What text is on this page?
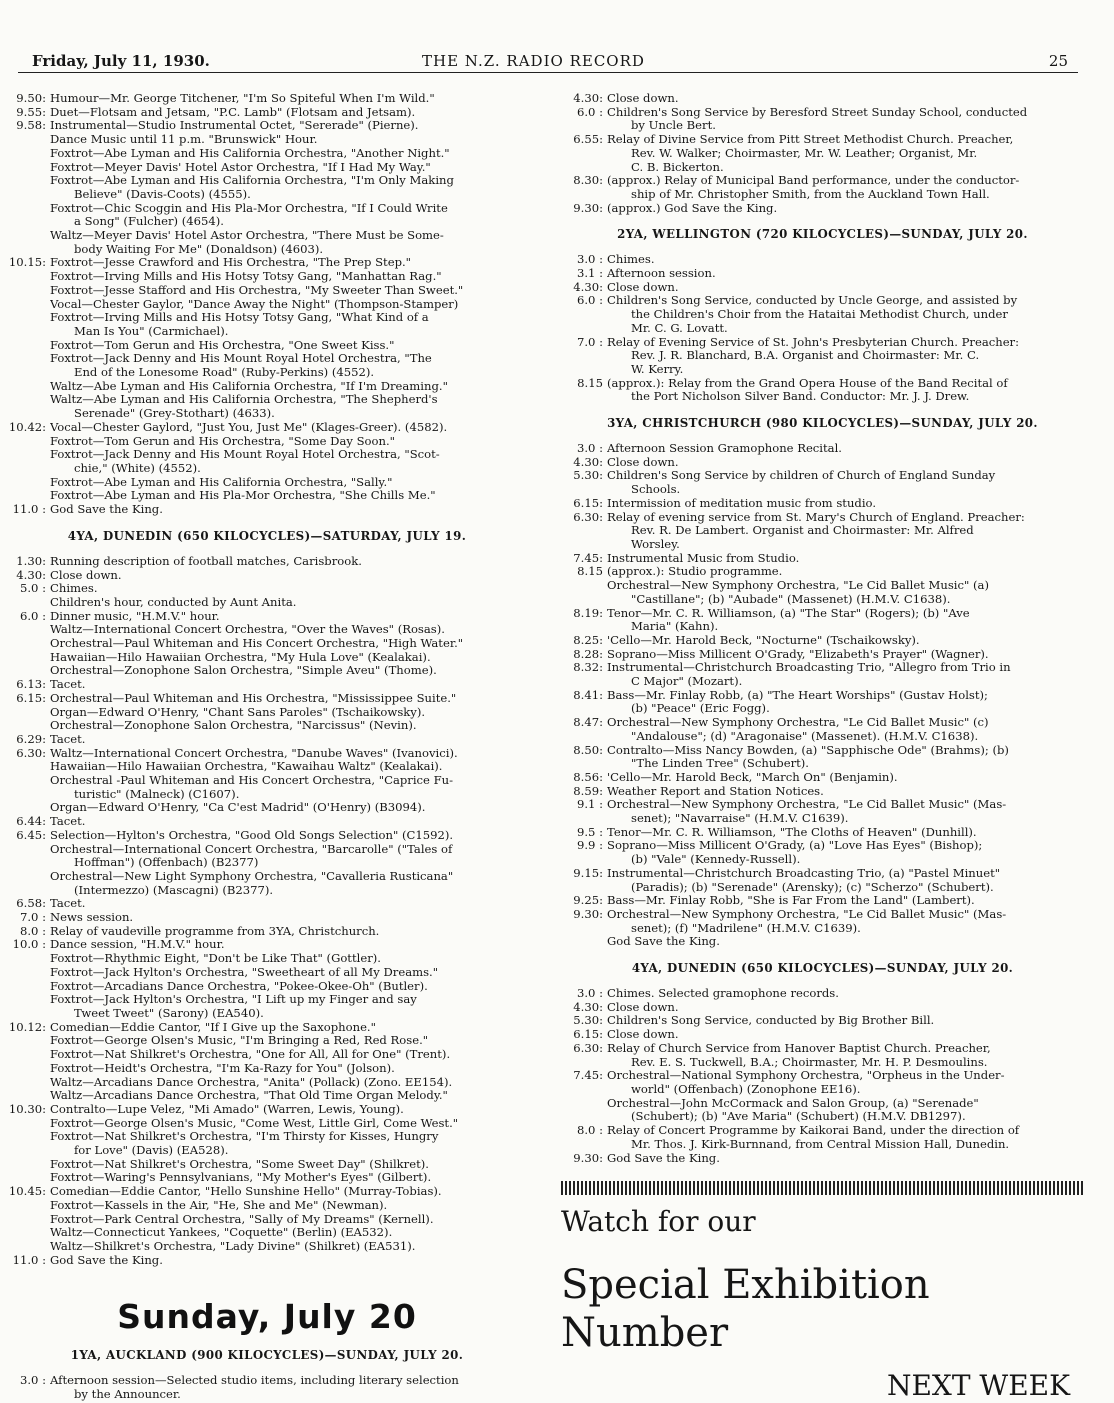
Friday, July 11, 1930.	THE N.Z. RADIO RECORD	25
9.50: Humour—Mr. George Titchener, "I'm So Spiteful When I'm Wild."
9.55: Duet—Flotsam and Jetsam, "P.C. Lamb" (Flotsam and Jetsam).
9.58: Instrumental—Studio Instrumental Octet, "Sererade" (Pierne).
Dance Music until 11 p.m. "Brunswick" Hour.
Foxtrot—Abe Lyman and His California Orchestra, "Another Night."
Foxtrot—Meyer Davis' Hotel Astor Orchestra, "If I Had My Way."
Foxtrot—Abe Lyman and His California Orchestra, "I'm Only Making
Believe" (Davis-Coots) (4555).
Foxtrot—Chic Scoggin and His Pla-Mor Orchestra, "If I Could Write
a Song" (Fulcher) (4654).
Waltz—Meyer Davis' Hotel Astor Orchestra, "There Must be Some-
body Waiting For Me" (Donaldson) (4603).
10.15: Foxtrot—Jesse Crawford and His Orchestra, "The Prep Step."
Foxtrot—Irving Mills and His Hotsy Totsy Gang, "Manhattan Rag."
Foxtrot—Jesse Stafford and His Orchestra, "My Sweeter Than Sweet."
Vocal—Chester Gaylor, "Dance Away the Night" (Thompson-Stamper)
Foxtrot—Irving Mills and His Hotsy Totsy Gang, "What Kind of a
Man Is You" (Carmichael).
Foxtrot—Tom Gerun and His Orchestra, "One Sweet Kiss."
Foxtrot—Jack Denny and His Mount Royal Hotel Orchestra, "The
End of the Lonesome Road" (Ruby-Perkins) (4552).
Waltz—Abe Lyman and His California Orchestra, "If I'm Dreaming."
Waltz—Abe Lyman and His California Orchestra, "The Shepherd's
Serenade" (Grey-Stothart) (4633).
10.42: Vocal—Chester Gaylord, "Just You, Just Me" (Klages-Greer). (4582).
Foxtrot—Tom Gerun and His Orchestra, "Some Day Soon."
Foxtrot—Jack Denny and His Mount Royal Hotel Orchestra, "Scot-
chie," (White) (4552).
Foxtrot—Abe Lyman and His California Orchestra, "Sally."
Foxtrot—Abe Lyman and His Pla-Mor Orchestra, "She Chills Me."
11.0 : God Save the King.
4YA, DUNEDIN (650 KILOCYCLES)—SATURDAY, JULY 19.
1.30: Running description of football matches, Carisbrook.
4.30: Close down.
5.0 : Chimes.
Children's hour, conducted by Aunt Anita.
6.0 : Dinner music, "H.M.V." hour.
Waltz—International Concert Orchestra, "Over the Waves" (Rosas).
Orchestral—Paul Whiteman and His Concert Orchestra, "High Water."
Hawaiian—Hilo Hawaiian Orchestra, "My Hula Love" (Kealakai).
Orchestral—Zonophone Salon Orchestra, "Simple Aveu" (Thome).
6.13: Tacet.
6.15: Orchestral—Paul Whiteman and His Orchestra, "Mississippee Suite."
Organ—Edward O'Henry, "Chant Sans Paroles" (Tschaikowsky).
Orchestral—Zonophone Salon Orchestra, "Narcissus" (Nevin).
6.29: Tacet.
6.30: Waltz—International Concert Orchestra, "Danube Waves" (Ivanovici).
Hawaiian—Hilo Hawaiian Orchestra, "Kawaihau Waltz" (Kealakai).
Orchestral -Paul Whiteman and His Concert Orchestra, "Caprice Fu-
turistic" (Malneck) (C1607).
Organ—Edward O'Henry, "Ca C'est Madrid" (O'Henry) (B3094).
6.44: Tacet.
6.45: Selection—Hylton's Orchestra, "Good Old Songs Selection" (C1592).
Orchestral—International Concert Orchestra, "Barcarolle" ("Tales of
Hoffman") (Offenbach) (B2377)
Orchestral—New Light Symphony Orchestra, "Cavalleria Rusticana"
(Intermezzo) (Mascagni) (B2377).
6.58: Tacet.
7.0 : News session.
8.0 : Relay of vaudeville programme from 3YA, Christchurch.
10.0 : Dance session, "H.M.V." hour.
Foxtrot—Rhythmic Eight, "Don't be Like That" (Gottler).
Foxtrot—Jack Hylton's Orchestra, "Sweetheart of all My Dreams."
Foxtrot—Arcadians Dance Orchestra, "Pokee-Okee-Oh" (Butler).
Foxtrot—Jack Hylton's Orchestra, "I Lift up my Finger and say
Tweet Tweet" (Sarony) (EA540).
10.12: Comedian—Eddie Cantor, "If I Give up the Saxophone."
Foxtrot—George Olsen's Music, "I'm Bringing a Red, Red Rose."
Foxtrot—Nat Shilkret's Orchestra, "One for All, All for One" (Trent).
Foxtrot—Heidt's Orchestra, "I'm Ka-Razy for You" (Jolson).
Waltz—Arcadians Dance Orchestra, "Anita" (Pollack) (Zono. EE154).
Waltz—Arcadians Dance Orchestra, "That Old Time Organ Melody."
10.30: Contralto—Lupe Velez, "Mi Amado" (Warren, Lewis, Young).
Foxtrot—George Olsen's Music, "Come West, Little Girl, Come West."
Foxtrot—Nat Shilkret's Orchestra, "I'm Thirsty for Kisses, Hungry
for Love" (Davis) (EA528).
Foxtrot—Nat Shilkret's Orchestra, "Some Sweet Day" (Shilkret).
Foxtrot—Waring's Pennsylvanians, "My Mother's Eyes" (Gilbert).
10.45: Comedian—Eddie Cantor, "Hello Sunshine Hello" (Murray-Tobias).
Foxtrot—Kassels in the Air, "He, She and Me" (Newman).
Foxtrot—Park Central Orchestra, "Sally of My Dreams" (Kernell).
Waltz—Connecticut Yankees, "Coquette" (Berlin) (EA532).
Waltz—Shilkret's Orchestra, "Lady Divine" (Shilkret) (EA531).
11.0 : God Save the King.
Sunday, July 20
1YA, AUCKLAND (900 KILOCYCLES)—SUNDAY, JULY 20.
3.0 : Afternoon session—Selected studio items, including literary selection
by the Announcer.
4.30: Close down.
6.0 : Children's Song Service by Beresford Street Sunday School, conducted
by Uncle Bert.
6.55: Relay of Divine Service from Pitt Street Methodist Church. Preacher,
Rev. W. Walker; Choirmaster, Mr. W. Leather; Organist, Mr.
C. B. Bickerton.
8.30: (approx.) Relay of Municipal Band performance, under the conductor-
ship of Mr. Christopher Smith, from the Auckland Town Hall.
9.30: (approx.) God Save the King.
2YA, WELLINGTON (720 KILOCYCLES)—SUNDAY, JULY 20.
3.0 : Chimes.
3.1 : Afternoon session.
4.30: Close down.
6.0 : Children's Song Service, conducted by Uncle George, and assisted by
the Children's Choir from the Hataitai Methodist Church, under
Mr. C. G. Lovatt.
7.0 : Relay of Evening Service of St. John's Presbyterian Church. Preacher:
Rev. J. R. Blanchard, B.A. Organist and Choirmaster: Mr. C.
W. Kerry.
8.15 (approx.): Relay from the Grand Opera House of the Band Recital of
the Port Nicholson Silver Band. Conductor: Mr. J. J. Drew.
3YA, CHRISTCHURCH (980 KILOCYCLES)—SUNDAY, JULY 20.
3.0 : Afternoon Session Gramophone Recital.
4.30: Close down.
5.30: Children's Song Service by children of Church of England Sunday
Schools.
6.15: Intermission of meditation music from studio.
6.30: Relay of evening service from St. Mary's Church of England. Preacher:
Rev. R. De Lambert. Organist and Choirmaster: Mr. Alfred
Worsley.
7.45: Instrumental Music from Studio.
8.15 (approx.): Studio programme.
Orchestral—New Symphony Orchestra, "Le Cid Ballet Music" (a)
"Castillane"; (b) "Aubade" (Massenet) (H.M.V. C1638).
8.19: Tenor—Mr. C. R. Williamson, (a) "The Star" (Rogers); (b) "Ave
Maria" (Kahn).
8.25: 'Cello—Mr. Harold Beck, "Nocturne" (Tschaikowsky).
8.28: Soprano—Miss Millicent O'Grady, "Elizabeth's Prayer" (Wagner).
8.32: Instrumental—Christchurch Broadcasting Trio, "Allegro from Trio in
C Major" (Mozart).
8.41: Bass—Mr. Finlay Robb, (a) "The Heart Worships" (Gustav Holst);
(b) "Peace" (Eric Fogg).
8.47: Orchestral—New Symphony Orchestra, "Le Cid Ballet Music" (c)
"Andalouse"; (d) "Aragonaise" (Massenet). (H.M.V. C1638).
8.50: Contralto—Miss Nancy Bowden, (a) "Sapphische Ode" (Brahms); (b)
"The Linden Tree" (Schubert).
8.56: 'Cello—Mr. Harold Beck, "March On" (Benjamin).
8.59: Weather Report and Station Notices.
9.1 : Orchestral—New Symphony Orchestra, "Le Cid Ballet Music" (Mas-
senet); "Navarraise" (H.M.V. C1639).
9.5 : Tenor—Mr. C. R. Williamson, "The Cloths of Heaven" (Dunhill).
9.9 : Soprano—Miss Millicent O'Grady, (a) "Love Has Eyes" (Bishop);
(b) "Vale" (Kennedy-Russell).
9.15: Instrumental—Christchurch Broadcasting Trio, (a) "Pastel Minuet"
(Paradis); (b) "Serenade" (Arensky); (c) "Scherzo" (Schubert).
9.25: Bass—Mr. Finlay Robb, "She is Far From the Land" (Lambert).
9.30: Orchestral—New Symphony Orchestra, "Le Cid Ballet Music" (Mas-
senet); (f) "Madrilene" (H.M.V. C1639).
God Save the King.
4YA, DUNEDIN (650 KILOCYCLES)—SUNDAY, JULY 20.
3.0 : Chimes. Selected gramophone records.
4.30: Close down.
5.30: Children's Song Service, conducted by Big Brother Bill.
6.15: Close down.
6.30: Relay of Church Service from Hanover Baptist Church. Preacher,
Rev. E. S. Tuckwell, B.A.; Choirmaster, Mr. H. P. Desmoulins.
7.45: Orchestral—National Symphony Orchestra, "Orpheus in the Under-
world" (Offenbach) (Zonophone EE16).
Orchestral—John McCormack and Salon Group, (a) "Serenade"
(Schubert); (b) "Ave Maria" (Schubert) (H.M.V. DB1297).
8.0 : Relay of Concert Programme by Kaikorai Band, under the direction of
Mr. Thos. J. Kirk-Burnnand, from Central Mission Hall, Dunedin.
9.30: God Save the King.
Watch for our
Special Exhibition Number
NEXT WEEK
